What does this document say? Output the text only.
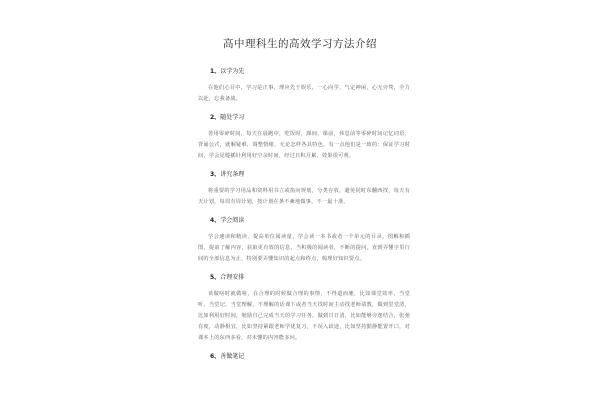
高中理科生的高效学习方法介绍
1、以学为先

在他们心目中，学习是正事，理应先于娱乐，一心向学，气定神闲，心无旁骛，全力以赴，忘我备战。

2、随处学习

善用零碎时间，每天在晨跑中，吃饭时，課间，课前，休息前等零碎时间记忆词语，背诵公式，就解疑难，调整情绪，无论怎样各具特色，有一点他们是一致的：保证学习时间，学会见缝插针利用好空余时间，经过日积月累，效果很可观。

3、讲究条理

将重要的学习用品和资料用书立或指向规划，分类存放，避免同时东翻西找，每天有天计划，每周有周计划，按计划在条不紊地做事，不一最十准。

4、学会阅读

学会速读和精读，提高单位阅读量，学会读一本书或者一个单元的目录，图解和插图，提前了解内容，获取更有效的信息，当积极的阅读者，不断的提问，直到弄懂字里行间的全部信息为止，特别要弄懂知识的起点和终点，梳理好知识要点。

5、合理安排

该做啥时就做啥，在合理的时候做合理的事情，不得道而驰，比如课堂效率，当堂听，当堂记，当堂理解，不理解的话课下或者当天找时间主动找老师请教，做到堂堂清，比如利用好时间，勉励自己完成当天的学习任务，做到日日清，比如能够旁逸结合，张弛有度，动静相宜，比如坚持紧跟老师学优复习，不误入歧途，比如坚持勤静能置开口，对课本上的东西多看，对未懂的内容能多问。

6、善做笔记
